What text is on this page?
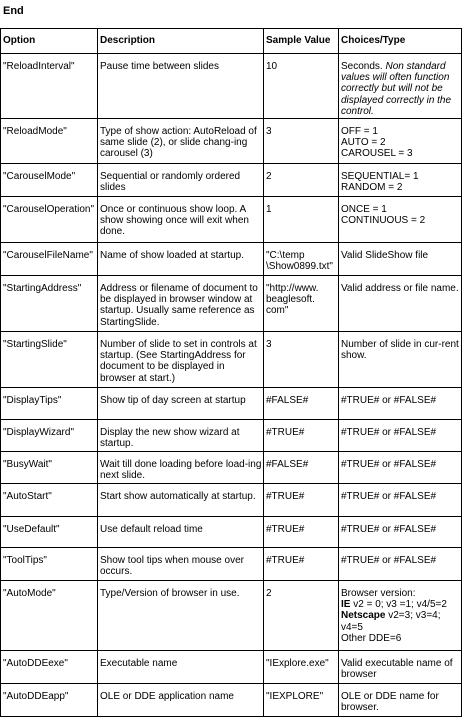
End
Option	Description	Sample Value	Choices/Type
"ReloadInterval"	Pause time between slides	10	Seconds. Non standard values will often function correctly but will not be displayed correctly in the control.
"ReloadMode"	Type of show action: AutoReload of same slide (2), or slide chang-ing carousel (3)	3	OFF = 1
AUTO = 2
CAROUSEL = 3

"CarouselMode"	Sequential or randomly ordered slides	2	SEQUENTIAL= 1
RANDOM = 2

"CarouselOperation"	Once or continuous show loop. A show showing once will exit when done.	1	ONCE = 1
CONTINUOUS = 2

"CarouselFileName"	Name of show loaded at startup.	"C:\temp
\Show0899.txt"	Valid SlideShow file
"StartingAddress"	Address or filename of document to be displayed in browser window at startup. Usually same reference as StartingSlide.	"http://www.
beaglesoft.
com"	Valid address or file name.
"StartingSlide"	Number of slide to set in controls at startup. (See StartingAddress for document to be displayed in browser at start.)	3	Number of slide in cur-rent show.
"DisplayTips"	Show tip of day screen at startup	#FALSE#	#TRUE# or #FALSE#
"DisplayWizard"	Display the new show wizard at startup.	#TRUE#	#TRUE# or #FALSE#
"BusyWait"	Wait till done loading before load-ing next slide.	#FALSE#	#TRUE# or #FALSE#
"AutoStart"	Start show automatically at startup.	#TRUE#	#TRUE# or #FALSE#
"UseDefault"	Use default reload time	#TRUE#	#TRUE# or #FALSE#
"ToolTips"	Show tool tips when mouse over occurs.	#TRUE#	#TRUE# or #FALSE#
"AutoMode"	Type/Version of browser in use.	2	Browser version:
IE v2 = 0; v3 =1; v4/5=2
Netscape v2=3; v3=4; v4=5
Other DDE=6

"AutoDDEexe"	Executable name	"IExplore.exe"	Valid executable name of browser
"AutoDDEapp"	OLE or DDE application name	"IEXPLORE"	OLE or DDE name for browser.
